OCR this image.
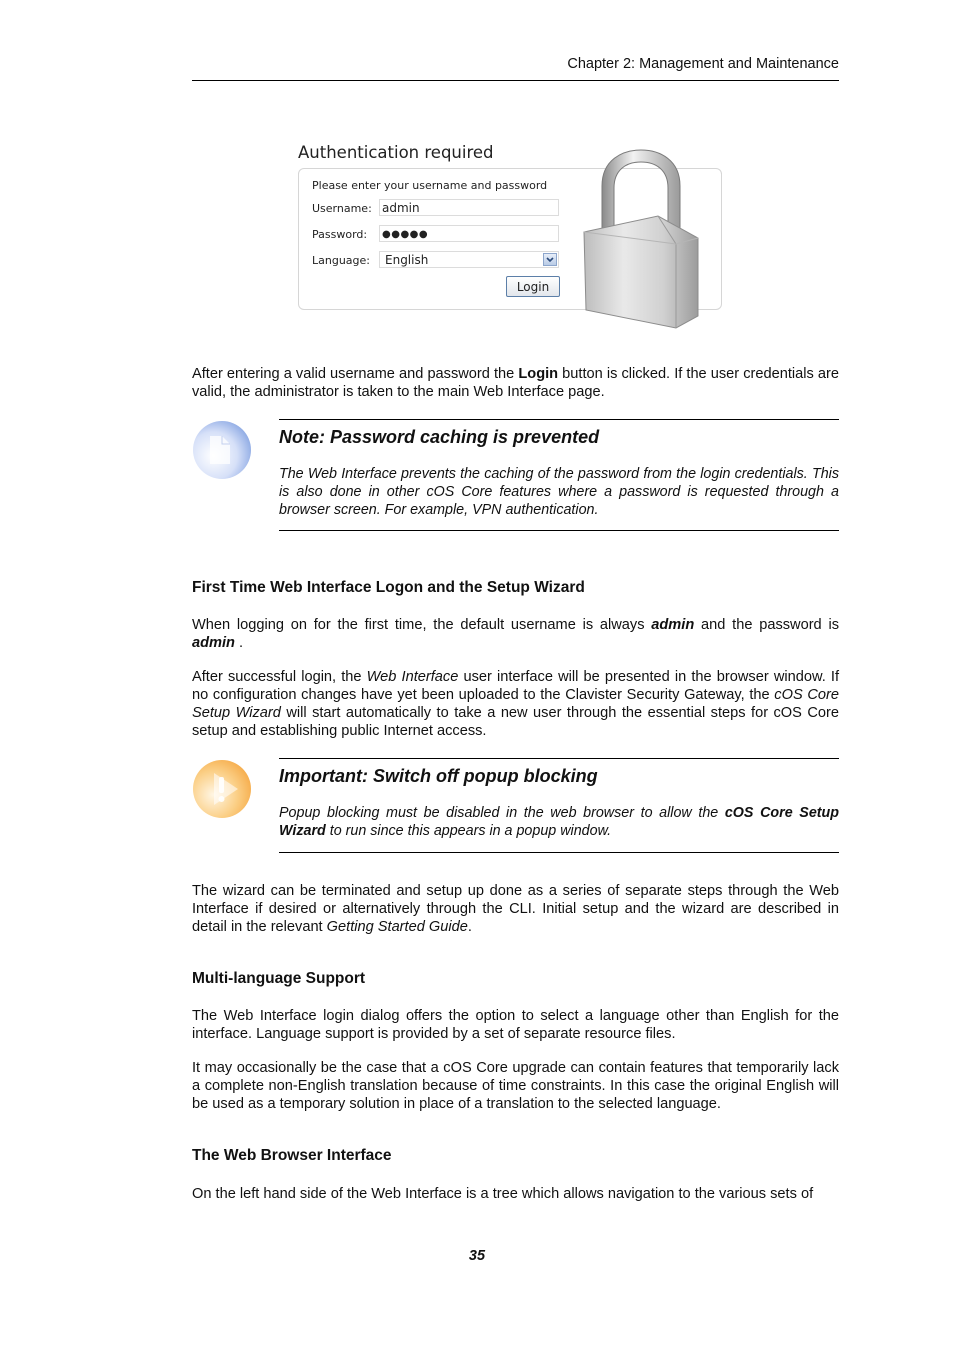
Chapter 2: Management and Maintenance
Authentication required
Please enter your username and password
Username: admin
Password:	●●●●●
Language:	English
Login
After entering a valid username and password the Login button is clicked. If the user credentials are valid, the administrator is taken to the main Web Interface page.
Note: Password caching is prevented
The Web Interface prevents the caching of the password from the login credentials. This is also done in other cOS Core features where a password is requested through a browser screen. For example, VPN authentication.
First Time Web Interface Logon and the Setup Wizard
When logging on for the first time, the default username is always admin and the password is admin .
After successful login, the Web Interface user interface will be presented in the browser window. If no configuration changes have yet been uploaded to the Clavister Security Gateway, the cOS Core Setup Wizard will start automatically to take a new user through the essential steps for cOS Core setup and establishing public Internet access.
Important: Switch off popup blocking
Popup blocking must be disabled in the web browser to allow the cOS Core Setup Wizard to run since this appears in a popup window.
The wizard can be terminated and setup up done as a series of separate steps through the Web Interface if desired or alternatively through the CLI. Initial setup and the wizard are described in detail in the relevant Getting Started Guide.
Multi-language Support
The Web Interface login dialog offers the option to select a language other than English for the interface. Language support is provided by a set of separate resource files.
It may occasionally be the case that a cOS Core upgrade can contain features that temporarily lack a complete non-English translation because of time constraints. In this case the original English will be used as a temporary solution in place of a translation to the selected language.
The Web Browser Interface
On the left hand side of the Web Interface is a tree which allows navigation to the various sets of
35
